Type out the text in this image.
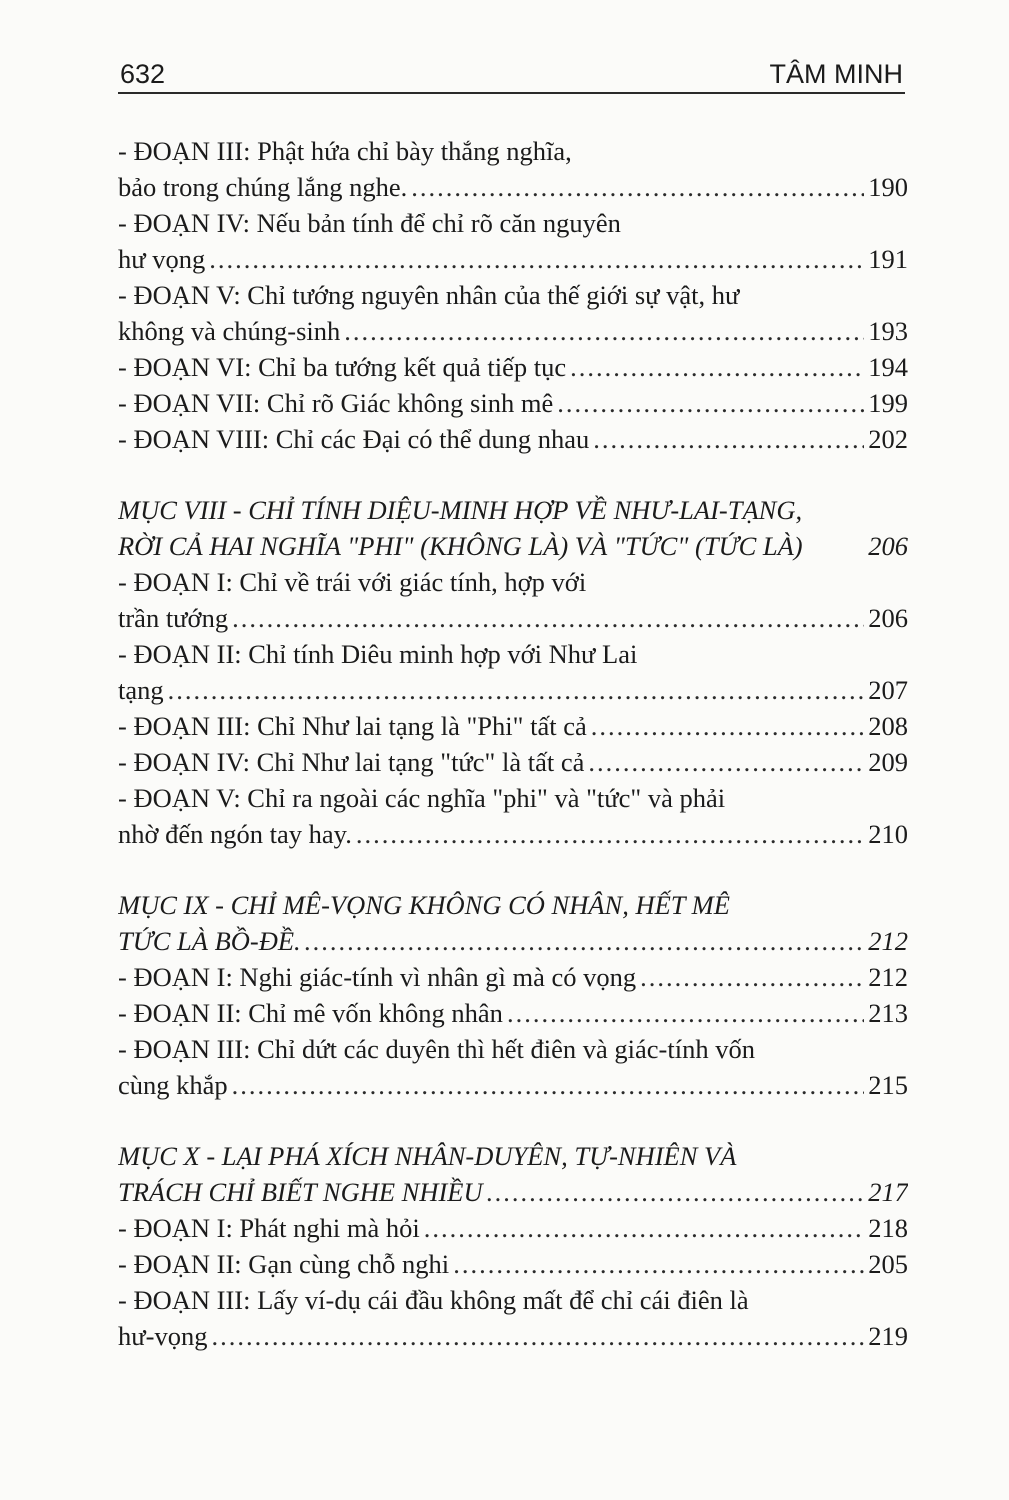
632	TÂM MINH
- ĐOẠN III: Phật hứa chỉ bày thắng nghĩa,
bảo trong chúng lắng nghe. .....	190
- ĐOẠN IV: Nếu bản tính để chỉ rõ căn nguyên
hư vọng .....	191
- ĐOẠN V: Chỉ tướng nguyên nhân của thế giới sự vật, hư
không và chúng-sinh .....	193
- ĐOẠN VI: Chỉ ba tướng kết quả tiếp tục .....	194
- ĐOẠN VII: Chỉ rõ Giác không sinh mê .....	199
- ĐOẠN VIII: Chỉ các Đại có thể dung nhau .....	202
MỤC VIII - CHỈ TÍNH DIỆU-MINH HỢP VỀ NHƯ-LAI-TẠNG,
RỜI CẢ HAI NGHĨA "PHI" (KHÔNG LÀ) VÀ "TỨC" (TỨC LÀ) 206
- ĐOẠN I: Chỉ về trái với giác tính, hợp với
trần tướng .....	206
- ĐOẠN II: Chỉ tính Diêu minh hợp với Như Lai
tạng .....	207
- ĐOẠN III: Chỉ Như lai tạng là "Phi" tất cả .....	208
- ĐOẠN IV: Chỉ Như lai tạng "tức" là tất cả .....	209
- ĐOẠN V: Chỉ ra ngoài các nghĩa "phi" và "tức" và phải
nhờ đến ngón tay hay. .....	210
MỤC IX - CHỈ MÊ-VỌNG KHÔNG CÓ NHÂN, HẾT MÊ
TỨC LÀ BỒ-ĐỀ. .....	212
- ĐOẠN I: Nghi giác-tính vì nhân gì mà có vọng .....	212
- ĐOẠN II: Chỉ mê vốn không nhân .....	213
- ĐOẠN III: Chỉ dứt các duyên thì hết điên và giác-tính vốn
cùng khắp .....	215
MỤC X - LẠI PHÁ XÍCH NHÂN-DUYÊN, TỰ-NHIÊN VÀ
TRÁCH CHỈ BIẾT NGHE NHIỀU .....	217
- ĐOẠN I: Phát nghi mà hỏi .....	218
- ĐOẠN II: Gạn cùng chỗ nghi .....	205
- ĐOẠN III: Lấy ví-dụ cái đầu không mất để chỉ cái điên là
hư-vọng .....	219
